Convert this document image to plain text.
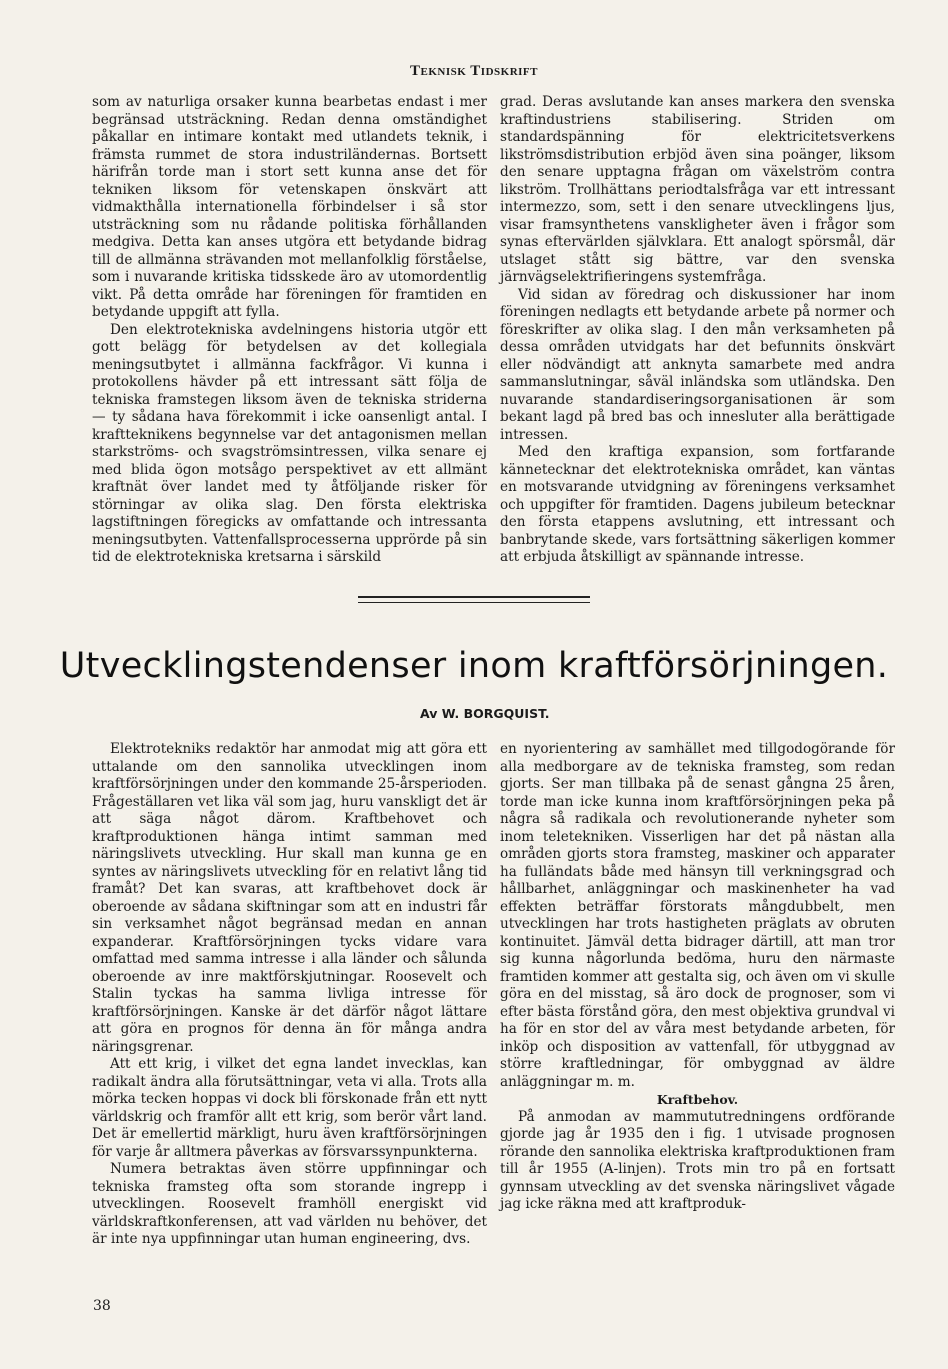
Teknisk Tidskrift

som av naturliga orsaker kunna bearbetas endast i mer begränsad utsträckning. Redan denna omständighet påkallar en intimare kontakt med utlandets teknik, i främsta rummet de stora industriländernas. Bortsett härifrån torde man i stort sett kunna anse det för tekniken liksom för vetenskapen önskvärt att vidmakthålla internationella förbindelser i så stor utsträckning som nu rådande politiska förhållanden medgiva. Detta kan anses utgöra ett betydande bidrag till de allmänna strävanden mot mellanfolklig förståelse, som i nuvarande kritiska tidsskede äro av utomordentlig vikt. På detta område har föreningen för framtiden en betydande uppgift att fylla.

Den elektrotekniska avdelningens historia utgör ett gott belägg för betydelsen av det kollegiala meningsutbytet i allmänna fackfrågor. Vi kunna i protokollens hävder på ett intressant sätt följa de tekniska framstegen liksom även de tekniska striderna — ty sådana hava förekommit i icke oansenligt antal. I kraftteknikens begynnelse var det antagonismen mellan starkströms- och svagströmsintressen, vilka senare ej med blida ögon motsågo perspektivet av ett allmänt kraftnät över landet med ty åtföljande risker för störningar av olika slag. Den första elektriska lagstiftningen föregicks av omfattande och intressanta meningsutbyten. Vattenfallsprocesserna upprörde på sin tid de elektrotekniska kretsarna i särskild

grad. Deras avslutande kan anses markera den svenska kraftindustriens stabilisering. Striden om standardspänning för elektricitetsverkens likströmsdistribution erbjöd även sina poänger, liksom den senare upptagna frågan om växelström contra likström. Trollhättans periodtalsfråga var ett intressant intermezzo, som, sett i den senare utvecklingens ljus, visar framsynthetens vanskligheter även i frågor som synas eftervärlden självklara. Ett analogt spörsmål, där utslaget stått sig bättre, var den svenska järnvägselektrifieringens systemfråga.

Vid sidan av föredrag och diskussioner har inom föreningen nedlagts ett betydande arbete på normer och föreskrifter av olika slag. I den mån verksamheten på dessa områden utvidgats har det befunnits önskvärt eller nödvändigt att anknyta samarbete med andra sammanslutningar, såväl inländska som utländska. Den nuvarande standardiseringsorganisationen är som bekant lagd på bred bas och innesluter alla berättigade intressen.

Med den kraftiga expansion, som fortfarande kännetecknar det elektrotekniska området, kan väntas en motsvarande utvidgning av föreningens verksamhet och uppgifter för framtiden. Dagens jubileum betecknar den första etappens avslutning, ett intressant och banbrytande skede, vars fortsättning säkerligen kommer att erbjuda åtskilligt av spännande intresse.

Utvecklingstendenser inom kraftförsörjningen.
Av W. BORGQUIST.

Elektrotekniks redaktör har anmodat mig att göra ett uttalande om den sannolika utvecklingen inom kraftförsörjningen under den kommande 25-årsperioden. Frågeställaren vet lika väl som jag, huru vanskligt det är att säga något därom. Kraftbehovet och kraftproduktionen hänga intimt samman med näringslivets utveckling. Hur skall man kunna ge en syntes av näringslivets utveckling för en relativt lång tid framåt? Det kan svaras, att kraftbehovet dock är oberoende av sådana skiftningar som att en industri får sin verksamhet något begränsad medan en annan expanderar. Kraftförsörjningen tycks vidare vara omfattad med samma intresse i alla länder och sålunda oberoende av inre maktförskjutningar. Roosevelt och Stalin tyckas ha samma livliga intresse för kraftförsörjningen. Kanske är det därför något lättare att göra en prognos för denna än för många andra näringsgrenar.

Att ett krig, i vilket det egna landet invecklas, kan radikalt ändra alla förutsättningar, veta vi alla. Trots alla mörka tecken hoppas vi dock bli förskonade från ett nytt världskrig och framför allt ett krig, som berör vårt land. Det är emellertid märkligt, huru även kraftförsörjningen för varje år alltmera påverkas av försvarssynpunkterna.

Numera betraktas även större uppfinningar och tekniska framsteg ofta som storande ingrepp i utvecklingen. Roosevelt framhöll energiskt vid världskraftkonferensen, att vad världen nu behöver, det är inte nya uppfinningar utan human engineering, dvs.

en nyorientering av samhället med tillgodogörande för alla medborgare av de tekniska framsteg, som redan gjorts. Ser man tillbaka på de senast gångna 25 åren, torde man icke kunna inom kraftförsörjningen peka på några så radikala och revolutionerande nyheter som inom teletekniken. Visserligen har det på nästan alla områden gjorts stora framsteg, maskiner och apparater ha fulländats både med hänsyn till verkningsgrad och hållbarhet, anläggningar och maskinenheter ha vad effekten beträffar förstorats mångdubbelt, men utvecklingen har trots hastigheten präglats av obruten kontinuitet. Jämväl detta bidrager därtill, att man tror sig kunna någorlunda bedöma, huru den närmaste framtiden kommer att gestalta sig, och även om vi skulle göra en del misstag, så äro dock de prognoser, som vi efter bästa förstånd göra, den mest objektiva grundval vi ha för en stor del av våra mest betydande arbeten, för inköp och disposition av vattenfall, för utbyggnad av större kraftledningar, för ombyggnad av äldre anläggningar m. m.

Kraftbehov.

På anmodan av mammututredningens ordförande gjorde jag år 1935 den i fig. 1 utvisade prognosen rörande den sannolika elektriska kraftproduktionen fram till år 1955 (A-linjen). Trots min tro på en fortsatt gynnsam utveckling av det svenska näringslivet vågade jag icke räkna med att kraftproduk-

38
